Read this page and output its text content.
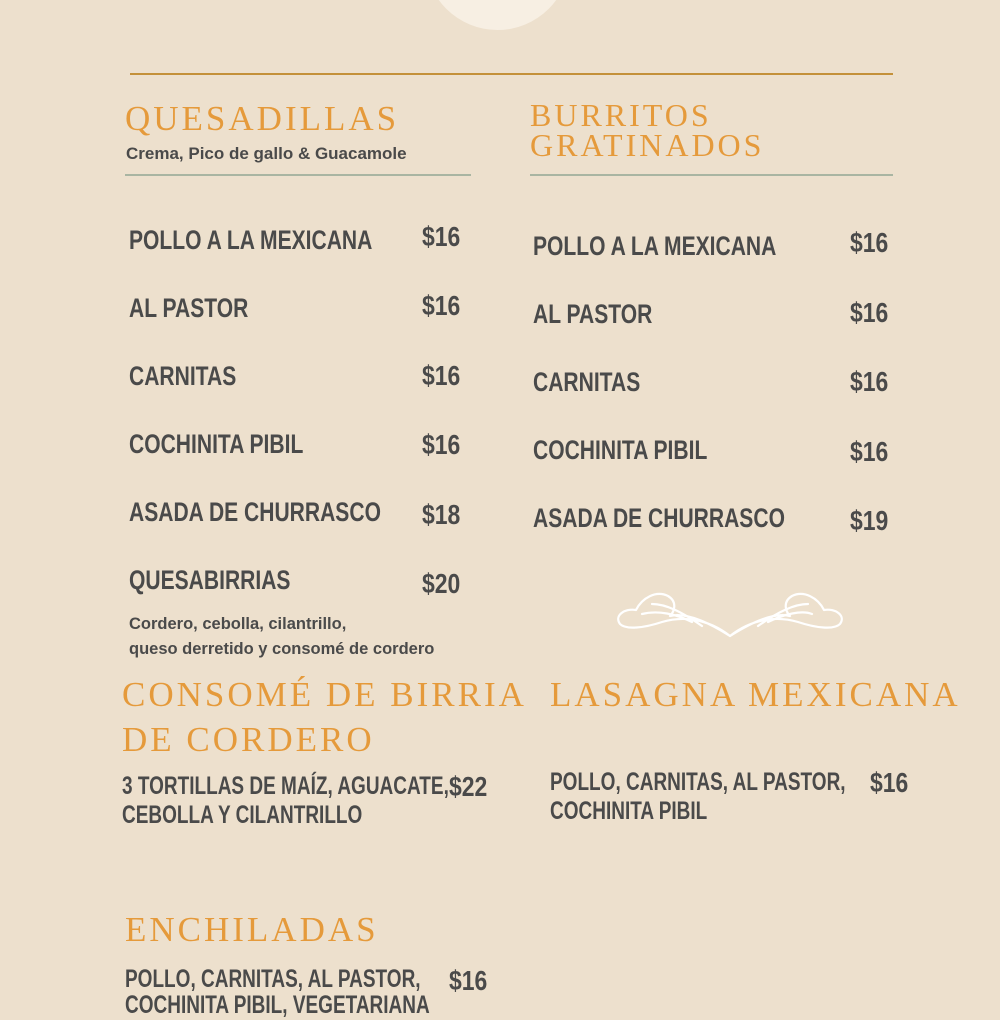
QUESADILLAS

Crema, Pico de gallo & Guacamole

POLLO A LA MEXICANA $16

AL PASTOR	$16

CARNITAS	$16

COCHINITA PIBIL	$16

ASADA DE CHURRASCO $18

QUESABIRRIAS	$20

Cordero, cebolla, cilantrillo,

queso derretido y consomé de cordero

BURRITOS
GRATINADOS

POLLO A LA MEXICANA	$16

AL PASTOR	$16

CARNITAS	$16

COCHINITA PIBIL	$16

ASADA DE CHURRASCO $19

CONSOMÉ DE BIRRIA
DE CORDERO

3 TORTILLAS DE MAÍZ, AGUACATE,

CEBOLLA Y CILANTRILLO

$22

LASAGNA MEXICANA

POLLO, CARNITAS, AL PASTOR,

COCHINITA PIBIL

$16

ENCHILADAS

POLLO, CARNITAS, AL PASTOR,

COCHINITA PIBIL, VEGETARIANA

$16
